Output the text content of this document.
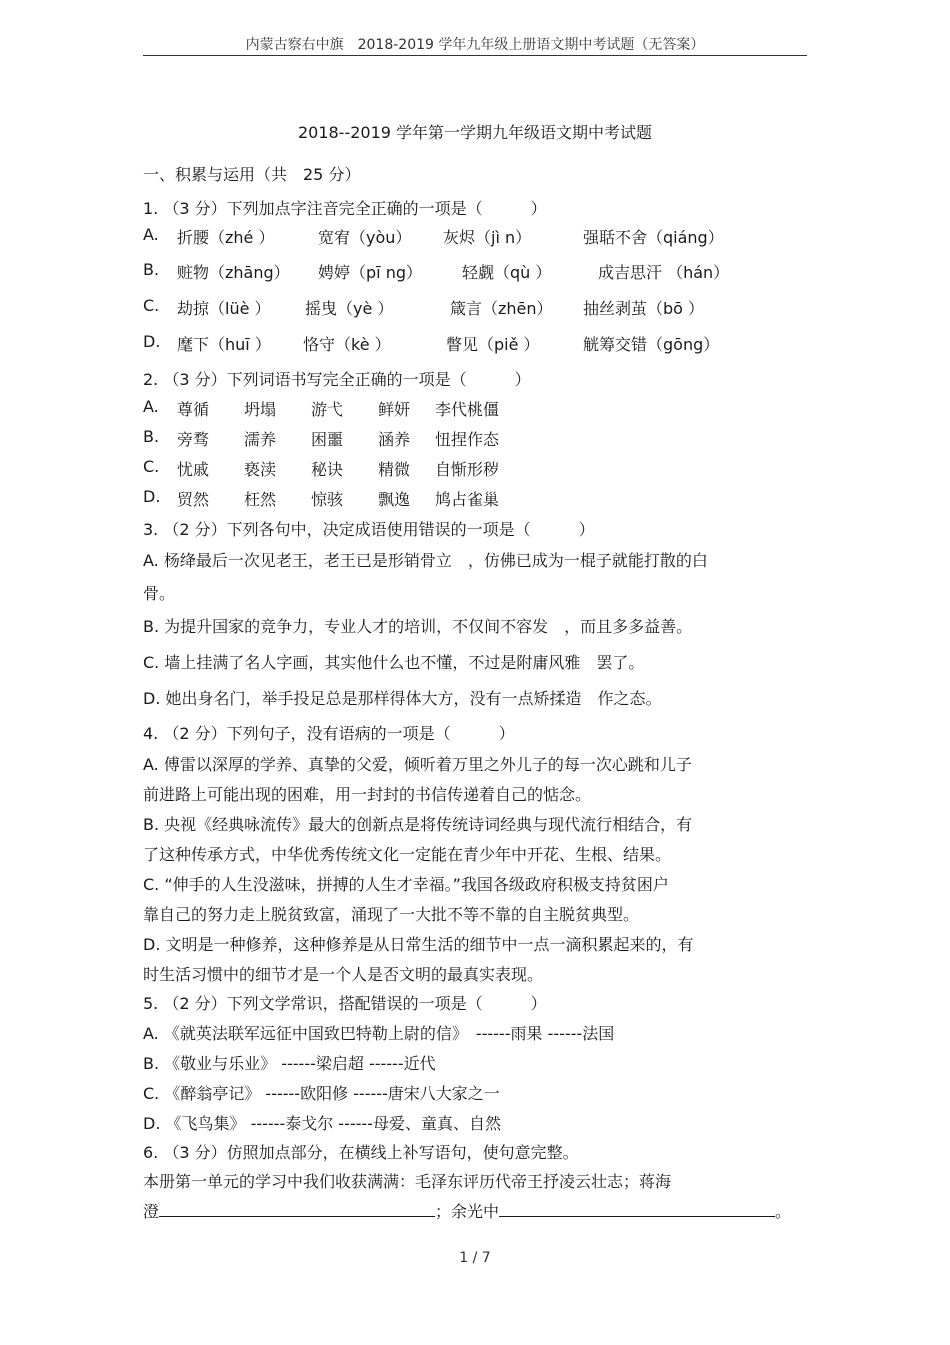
内蒙古察右中旗　2018-2019 学年九年级上册语文期中考试题（无答案）
2018--2019 学年第一学期九年级语文期中考试题
一、积累与运用（共　25 分）
1. （3 分）下列加点字注音完全正确的一项是（　　　）
A. 折腰（zhé ）	宽宥（yòu） 灰烬（jì n）	强聒不舍（qiáng）
B. 赃物（zhāng） 娉婷（pī ng）	轻觑（qù ）	成吉思汗 （hán）
C. 劫掠（lüè ） 摇曳（yè ）	箴言（zhēn） 抽丝剥茧（bō ）
D. 麾下（huī ） 恪守（kè ）	瞥见（piě ）	觥筹交错（gōng）
2. （3 分）下列词语书写完全正确的一项是（　　　）
A. 尊循 坍塌 游弋 鲜妍 李代桃僵
B. 旁骛 濡养 困噩 涵养 忸捏作态
C. 忧戚 亵渎 秘诀 精微 自惭形秽
D. 贸然 枉然 惊骇 飘逸 鸠占雀巢
3. （2 分）下列各句中，决定成语使用错误的一项是（　　　）
A. 杨绛最后一次见老王，老王已是形销骨立　，仿佛已成为一棍子就能打散的白
骨。
B. 为提升国家的竞争力，专业人才的培训，不仅间不容发　，而且多多益善。
C. 墙上挂满了名人字画，其实他什么也不懂，不过是附庸风雅　罢了。
D. 她出身名门，举手投足总是那样得体大方，没有一点矫揉造　作之态。
4. （2 分）下列句子，没有语病的一项是（　　　）
A. 傅雷以深厚的学养、真挚的父爱，倾听着万里之外儿子的每一次心跳和儿子
前进路上可能出现的困难，用一封封的书信传递着自己的惦念。
B. 央视《经典咏流传》最大的创新点是将传统诗词经典与现代流行相结合，有
了这种传承方式，中华优秀传统文化一定能在青少年中开花、生根、结果。
C. “伸手的人生没滋味，拼搏的人生才幸福。”我国各级政府积极支持贫困户
靠自己的努力走上脱贫致富，涌现了一大批不等不靠的自主脱贫典型。
D. 文明是一种修养，这种修养是从日常生活的细节中一点一滴积累起来的，有
时生活习惯中的细节才是一个人是否文明的最真实表现。
5. （2 分）下列文学常识，搭配错误的一项是（　　　）
A. 《就英法联军远征中国致巴特勒上尉的信》　------雨果 ------法国
B. 《敬业与乐业》 ------梁启超 ------近代
C. 《醉翁亭记》 ------欧阳修 ------唐宋八大家之一
D. 《飞鸟集》 ------泰戈尔 ------母爱、童真、自然
6. （3 分）仿照加点部分，在横线上补写语句，使句意完整。
本册第一单元的学习中我们收获满满：毛泽东评历代帝王抒凌云壮志；蒋海
澄	；余光中	。
1 / 7
